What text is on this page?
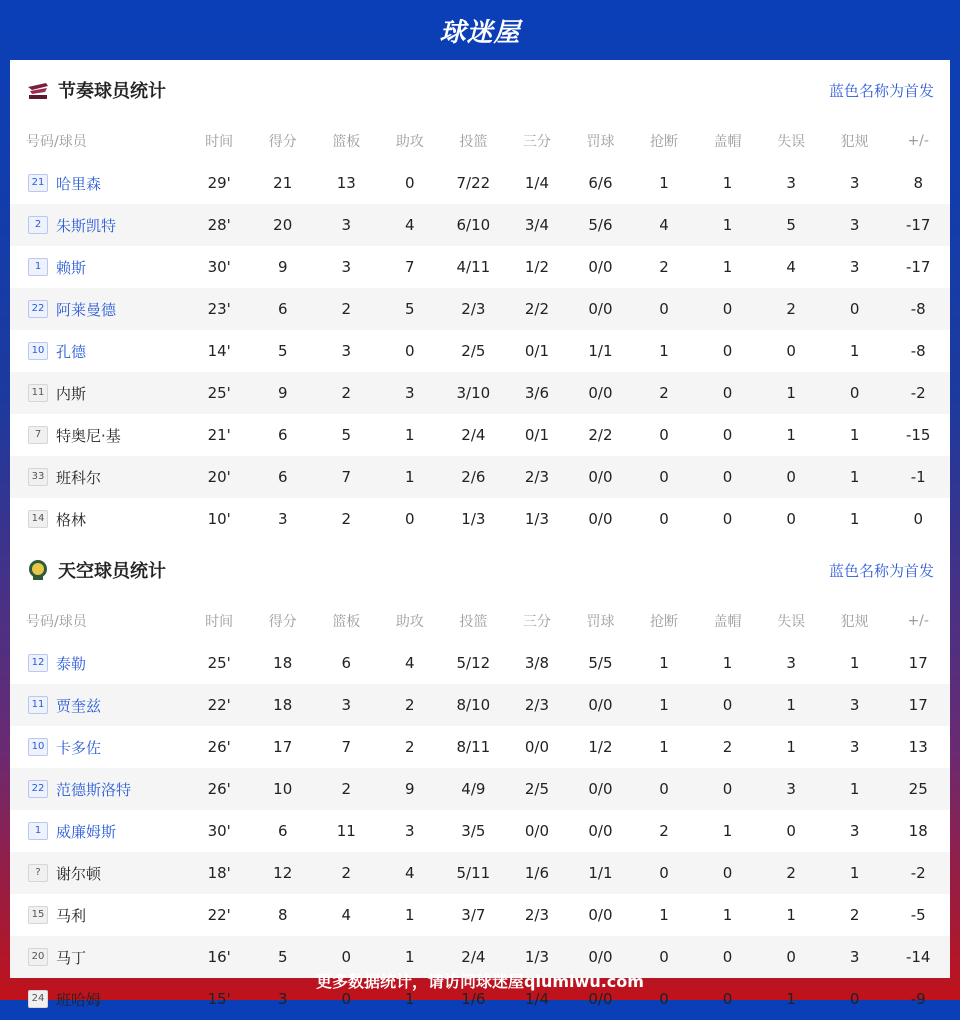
球迷屋
节奏球员统计	蓝色名称为首发
号码/球员	时间	得分	篮板	助攻	投篮	三分	罚球	抢断	盖帽	失误	犯规	+/-
21 哈里森	29'	21	13	0	7/22	1/4	6/6	1	1	3	3	8
2 朱斯凯特	28'	20	3	4	6/10	3/4	5/6	4	1	5	3	-17
1 赖斯	30'	9	3	7	4/11	1/2	0/0	2	1	4	3	-17
22 阿莱曼德	23'	6	2	5	2/3	2/2	0/0	0	0	2	0	-8
10 孔德	14'	5	3	0	2/5	0/1	1/1	1	0	0	1	-8
11 内斯	25'	9	2	3	3/10	3/6	0/0	2	0	1	0	-2
7 特奥尼·基	21'	6	5	1	2/4	0/1	2/2	0	0	1	1	-15
33 班科尔	20'	6	7	1	2/6	2/3	0/0	0	0	0	1	-1
14 格林	10'	3	2	0	1/3	1/3	0/0	0	0	0	1	0
天空球员统计	蓝色名称为首发
号码/球员	时间	得分	篮板	助攻	投篮	三分	罚球	抢断	盖帽	失误	犯规	+/-
12 泰勒	25'	18	6	4	5/12	3/8	5/5	1	1	3	1	17
11 贾奎兹	22'	18	3	2	8/10	2/3	0/0	1	0	1	3	17
10 卡多佐	26'	17	7	2	8/11	0/0	1/2	1	2	1	3	13
22 范德斯洛特	26'	10	2	9	4/9	2/5	0/0	0	0	3	1	25
1 威廉姆斯	30'	6	11	3	3/5	0/0	0/0	2	1	0	3	18
? 谢尔顿	18'	12	2	4	5/11	1/6	1/1	0	0	2	1	-2
15 马利	22'	8	4	1	3/7	2/3	0/0	1	1	1	2	-5
20 马丁	16'	5	0	1	2/4	1/3	0/0	0	0	0	3	-14
24 班哈姆	15'	3	0	1	1/6	1/4	0/0	0	0	1	0	-9
更多数据统计，请访问球迷屋qiumiwu.com
